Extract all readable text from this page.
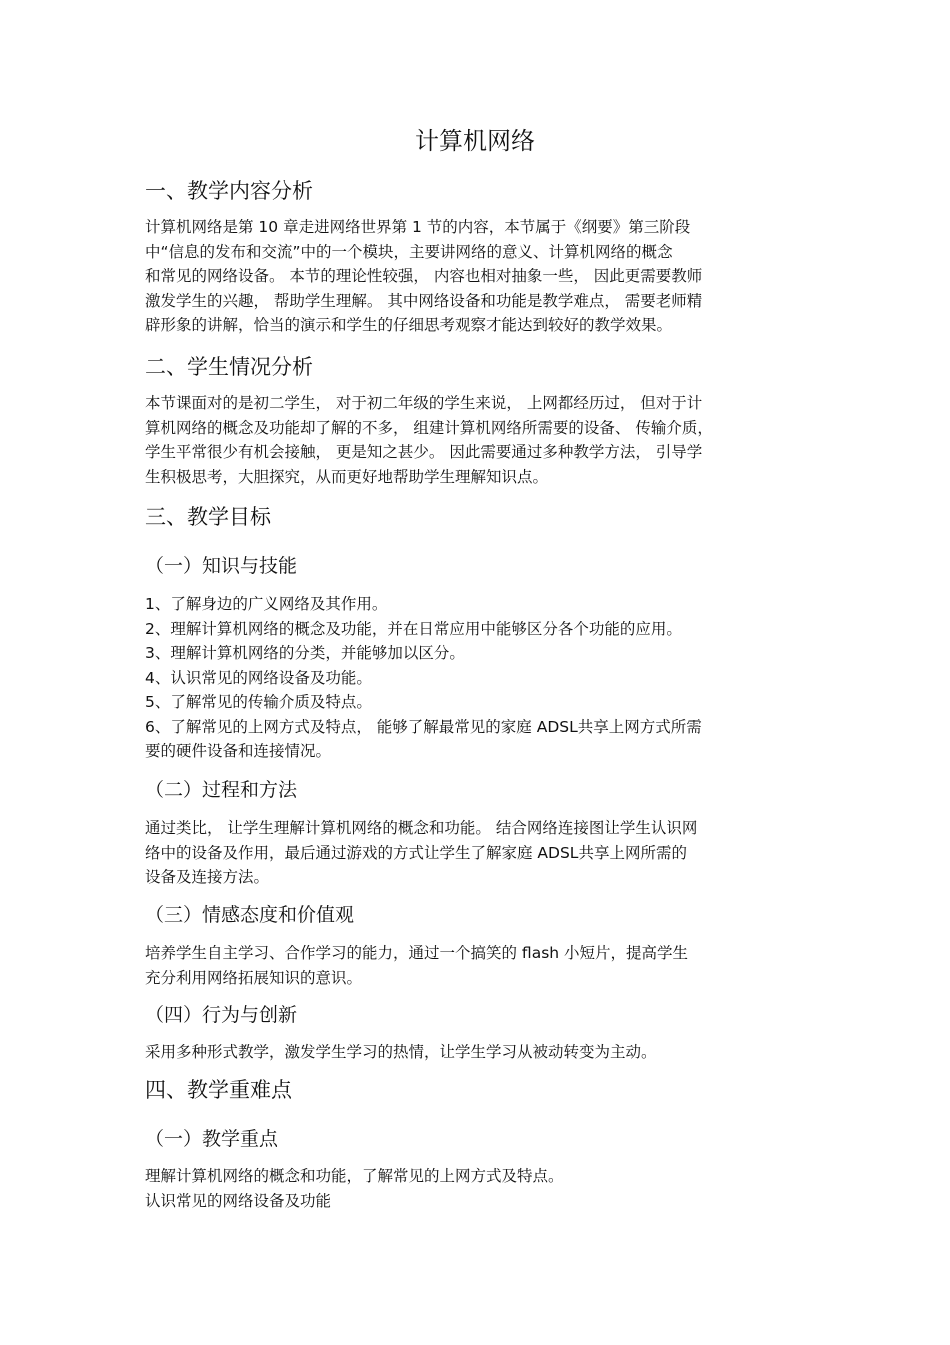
计算机网络
一、教学内容分析
计算机网络是第 10 章走进网络世界第 1 节的内容，本节属于《纲要》第三阶段
中“信息的发布和交流”中的一个模块，主要讲网络的意义、计算机网络的概念
和常见的网络设备。 本节的理论性较强， 内容也相对抽象一些， 因此更需要教师
激发学生的兴趣， 帮助学生理解。 其中网络设备和功能是教学难点， 需要老师精
辟形象的讲解，恰当的演示和学生的仔细思考观察才能达到较好的教学效果。
二、学生情况分析
本节课面对的是初二学生， 对于初二年级的学生来说， 上网都经历过， 但对于计
算机网络的概念及功能却了解的不多， 组建计算机网络所需要的设备、 传输介质，
学生平常很少有机会接触， 更是知之甚少。 因此需要通过多种教学方法， 引导学
生积极思考，大胆探究，从而更好地帮助学生理解知识点。
三、教学目标
（一）知识与技能
1、了解身边的广义网络及其作用。
2、理解计算机网络的概念及功能，并在日常应用中能够区分各个功能的应用。
3、理解计算机网络的分类，并能够加以区分。
4、认识常见的网络设备及功能。
5、了解常见的传输介质及特点。
6、了解常见的上网方式及特点， 能够了解最常见的家庭 ADSL共享上网方式所需
要的硬件设备和连接情况。
（二）过程和方法
通过类比， 让学生理解计算机网络的概念和功能。 结合网络连接图让学生认识网
络中的设备及作用，最后通过游戏的方式让学生了解家庭 ADSL共享上网所需的
设备及连接方法。
（三）情感态度和价值观
培养学生自主学习、合作学习的能力，通过一个搞笑的 flash 小短片，提高学生
充分利用网络拓展知识的意识。
（四）行为与创新
采用多种形式教学，激发学生学习的热情，让学生学习从被动转变为主动。
四、教学重难点
（一）教学重点
理解计算机网络的概念和功能，了解常见的上网方式及特点。
认识常见的网络设备及功能
